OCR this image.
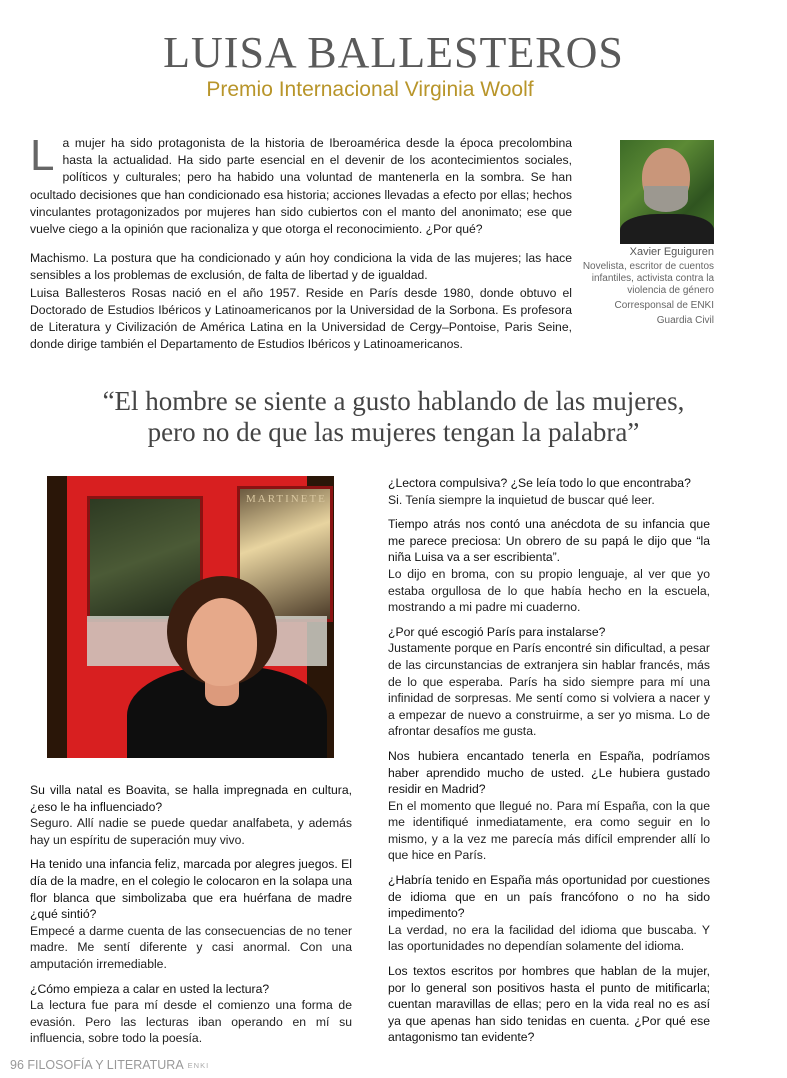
LUISA BALLESTEROS
Premio Internacional Virginia Woolf
L a mujer ha sido protagonista de la historia de Iberoamérica desde la época precolombina hasta la actualidad. Ha sido parte esencial en el devenir de los acontecimientos sociales, políticos y culturales; pero ha habido una voluntad de mantenerla en la sombra. Se han ocultado decisiones que han condicionado esa historia; acciones llevadas a efecto por ellas; hechos vinculantes protagonizados por mujeres han sido cubiertos con el manto del anonimato; ese que vuelve ciego a la opinión que racionaliza y que otorga el reconocimiento. ¿Por qué?

Machismo. La postura que ha condicionado y aún hoy condiciona la vida de las mujeres; las hace sensibles a los problemas de exclusión, de falta de libertad y de igualdad.

Luisa Ballesteros Rosas nació en el año 1957. Reside en París desde 1980, donde obtuvo el Doctorado de Estudios Ibéricos y Latinoamericanos por la Universidad de la Sorbona. Es profesora de Literatura y Civilización de América Latina en la Universidad de Cergy–Pontoise, Paris Seine, donde dirige también el Departamento de Estudios Ibéricos y Latinoamericanos.

Xavier Eguiguren
Novelista, escritor de cuentos infantiles, activista contra la violencia de género
Corresponsal de ENKI
Guardia Civil
“El hombre se siente a gusto hablando de las mujeres,
pero no de que las mujeres tengan la palabra”
MARTINETE

Su villa natal es Boavita, se halla impregnada en cultura, ¿eso le ha influenciado?
Seguro. Allí nadie se puede quedar analfabeta, y además hay un espíritu de superación muy vivo.

Ha tenido una infancia feliz, marcada por alegres juegos. El día de la madre, en el colegio le colocaron en la solapa una flor blanca que simbolizaba que era huérfana de madre ¿qué sintió?
Empecé a darme cuenta de las consecuencias de no tener madre. Me sentí diferente y casi anormal. Con una amputación irremediable.

¿Cómo empieza a calar en usted la lectura?
La lectura fue para mí desde el comienzo una forma de evasión. Pero las lecturas iban operando en mí su influencia, sobre todo la poesía.

¿Lectora compulsiva? ¿Se leía todo lo que encontraba?
Si. Tenía siempre la inquietud de buscar qué leer.

Tiempo atrás nos contó una anécdota de su infancia que me parece preciosa: Un obrero de su papá le dijo que “la niña Luisa va a ser escribienta”.
Lo dijo en broma, con su propio lenguaje, al ver que yo estaba orgullosa de lo que había hecho en la escuela, mostrando a mi padre mi cuaderno.

¿Por qué escogió París para instalarse?
Justamente porque en París encontré sin dificultad, a pesar de las circunstancias de extranjera sin hablar francés, más de lo que esperaba. París ha sido siempre para mí una infinidad de sorpresas. Me sentí como si volviera a nacer y a empezar de nuevo a construirme, a ser yo misma. Lo de afrontar desafíos me gusta.

Nos hubiera encantado tenerla en España, podríamos haber aprendido mucho de usted. ¿Le hubiera gustado residir en Madrid?
En el momento que llegué no. Para mí España, con la que me identifiqué inmediatamente, era como seguir en lo mismo, y a la vez me parecía más difícil emprender allí lo que hice en París.

¿Habría tenido en España más oportunidad por cuestiones de idioma que en un país francófono o no ha sido impedimento?
La verdad, no era la facilidad del idioma que buscaba. Y las oportunidades no dependían solamente del idioma.

Los textos escritos por hombres que hablan de la mujer, por lo general son positivos hasta el punto de mitificarla; cuentan maravillas de ellas; pero en la vida real no es así ya que apenas han sido tenidas en cuenta. ¿Por qué ese antagonismo tan evidente?

96 FILOSOFÍA Y LITERATURA ENKI
